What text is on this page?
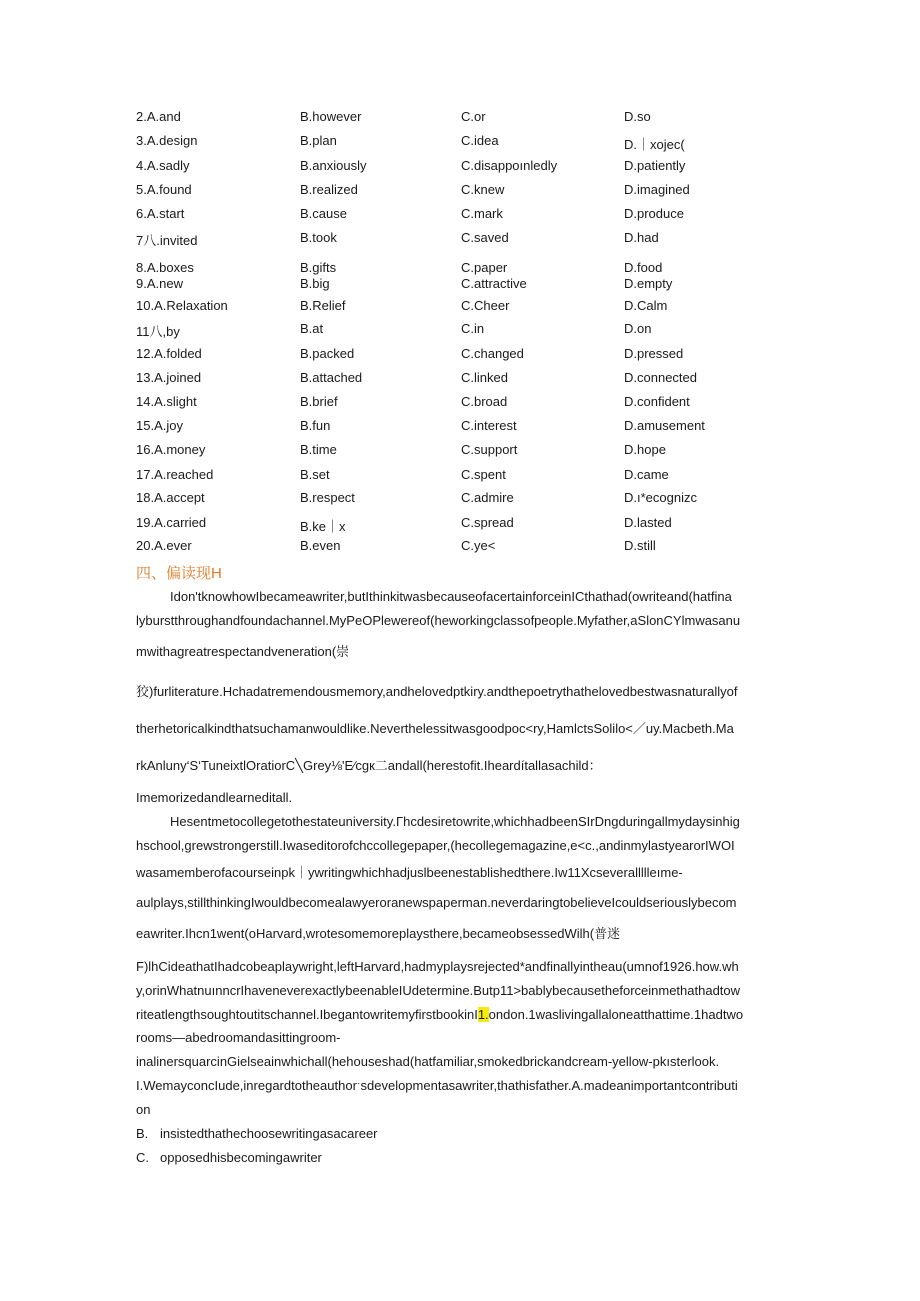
2.A.and	B.however	C.or	D.so
3.A.design	B.plan	C.idea	D.｜xojec(
4.A.sadly	B.anxiously	C.disappoınledly	D.patiently
5.A.found	B.realized	C.knew	D.imagined
6.A.start	B.cause	C.mark	D.produce
7八.invited	B.took	C.saved	D.had
8.A.boxes	B.gifts	C.paper	D.food
9.A.new	B.big	C.attractive	D.empty
10.A.Relaxation	B.Relief	C.Cheer	D.Calm
11八,by	B.at	C.in	D.on
12.A.folded	B.packed	C.changed	D.pressed
13.A.joined	B.attached	C.linked	D.connected
14.A.slight	B.brief	C.broad	D.confident
15.A.joy	B.fun	C.interest	D.amusement
16.A.money	B.time	C.support	D.hope
17.A.reached	B.set	C.spent	D.came
18.A.accept	B.respect	C.admire	D.ı*ecognizc
19.A.carried	B.ke｜x	C.spread	D.lasted
20.A.ever	B.even	C.ye<	D.still
四、偏读现H
Idon'tknowhowIbecameawriter,butIthinkitwasbecauseofacertainforceinICthathad(owriteand(hatfina
lyburstthroughandfoundachannel.MyPeOPlewereof(heworkingclassofpeople.Myfather,aSlonCYlmwasanu
mwithagreatrespectandveneration(崇
狡)furliterature.Hchadatremendousmemory,andhelovedptkiry.andthepoetrythathelovedbestwasnaturallyof
therhetoricalkindthatsuchamanwouldlike.Neverthelessitwasgoodpoc<ry,HamlctsSolilo<／uy.Macbeth.Ma
rkAnluny‘S‘TuneixtlOratiorC╲Grey⅛'E∕cgк二andall(herestofit.Iheardítallasachild：
Imemorizedandlearneditall.
Hesentmetocollegetothestateuniversity.Γhcdesiretowrite,whichhadbeenSIrDngduringallmydaysinhig
hschool,grewstrongerstill.Iwaseditorofchccollegepaper,(hecollegemagazine,e<c.,andinmylastyearorIWOI
wasamemberofacourseinpk｜ywritingwhichhadjuslbeenestablishedthere.Iw11Xcseverallllleıme-
aulplays,stillthinkingIwouldbecomealawyeroranewspaperman.neverdaringtobelieveIcouldseriouslybecom
eawriter.Ihcn1went(oHarvard,wrotesomemoreplaysthere,becameobsessedWilh(普迷
F)lhCideathatIhadcobeaplaywright,leftHarvard,hadmyplaysrejected*andfinallyintheau(umnof1926.how.wh
y,orinWhatnuınncrIhaveneverexactlybeenableIUdetermine.Butp11>bablybecausetheforceinmethathadtow
riteatlengthsoughtoutitschannel.IbegantowritemyfirstbookinI1.ondon.1waslivingallaloneatthattime.1hadtwo
rooms—abedroomandasittingroom-
inalinersquarcinGielseainwhichall(hehouseshad(hatfamiliar,smokedbrickandcream-yellow-pkısterlook.
I.WemayconcIude,inregardtotheauthorˑsdevelopmentasawriter,thathisfather.A.madeanimportantcontributi
on
B. insistedthathechoosewritingasacareer
C. opposedhisbecomingawriter
